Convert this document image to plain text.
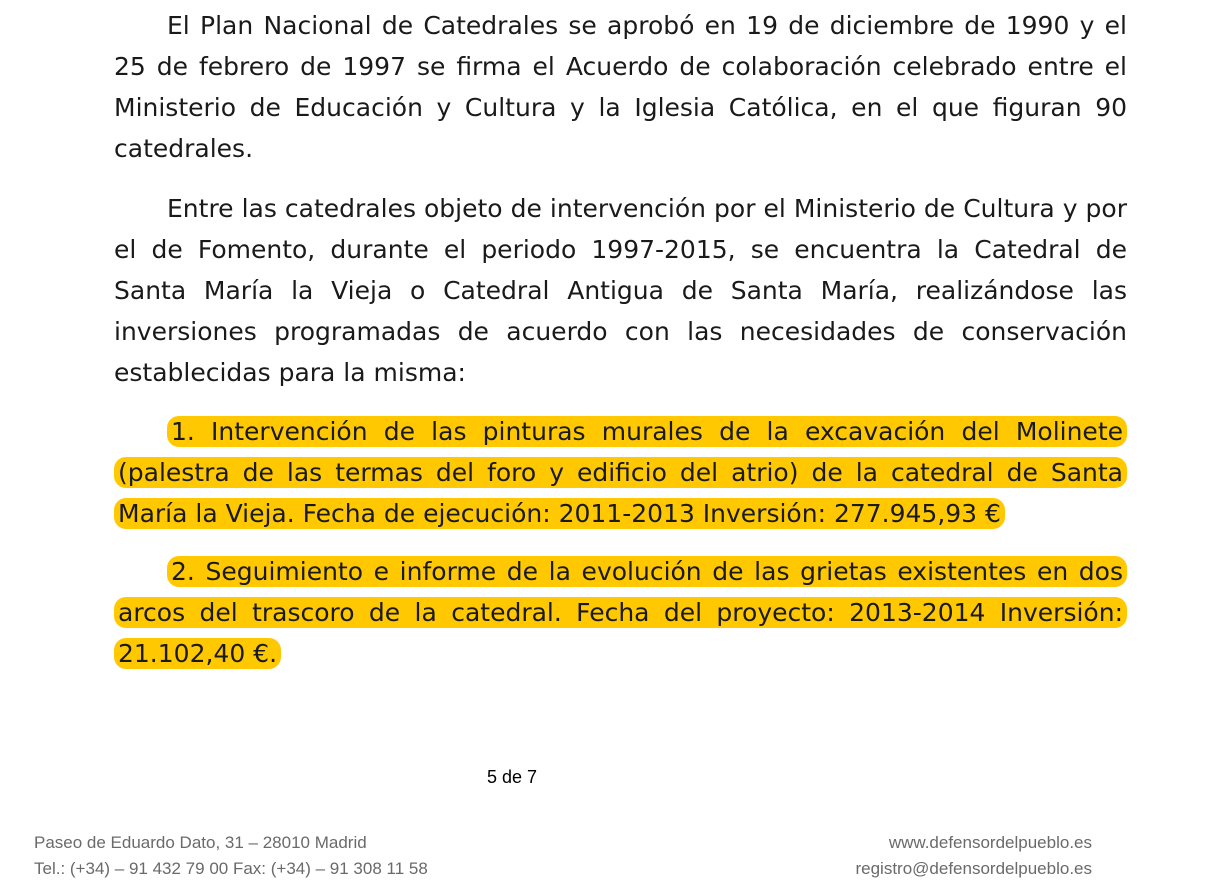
El Plan Nacional de Catedrales se aprobó en 19 de diciembre de 1990 y el 25 de febrero de 1997 se firma el Acuerdo de colaboración celebrado entre el Ministerio de Educación y Cultura y la Iglesia Católica, en el que figuran 90 catedrales.

Entre las catedrales objeto de intervención por el Ministerio de Cultura y por el de Fomento, durante el periodo 1997-2015, se encuentra la Catedral de Santa María la Vieja o Catedral Antigua de Santa María, realizándose las inversiones programadas de acuerdo con las necesidades de conservación establecidas para la misma:

1. Intervención de las pinturas murales de la excavación del Molinete (palestra de las termas del foro y edificio del atrio) de la catedral de Santa María la Vieja. Fecha de ejecución: 2011-2013 Inversión: 277.945,93 €

2. Seguimiento e informe de la evolución de las grietas existentes en dos arcos del trascoro de la catedral. Fecha del proyecto: 2013-2014 Inversión: 21.102,40 €.

5 de 7
Paseo de Eduardo Dato, 31 – 28010 Madrid
Tel.: (+34) – 91 432 79 00 Fax: (+34) – 91 308 11 58
www.defensordelpueblo.es
registro@defensordelpueblo.es
